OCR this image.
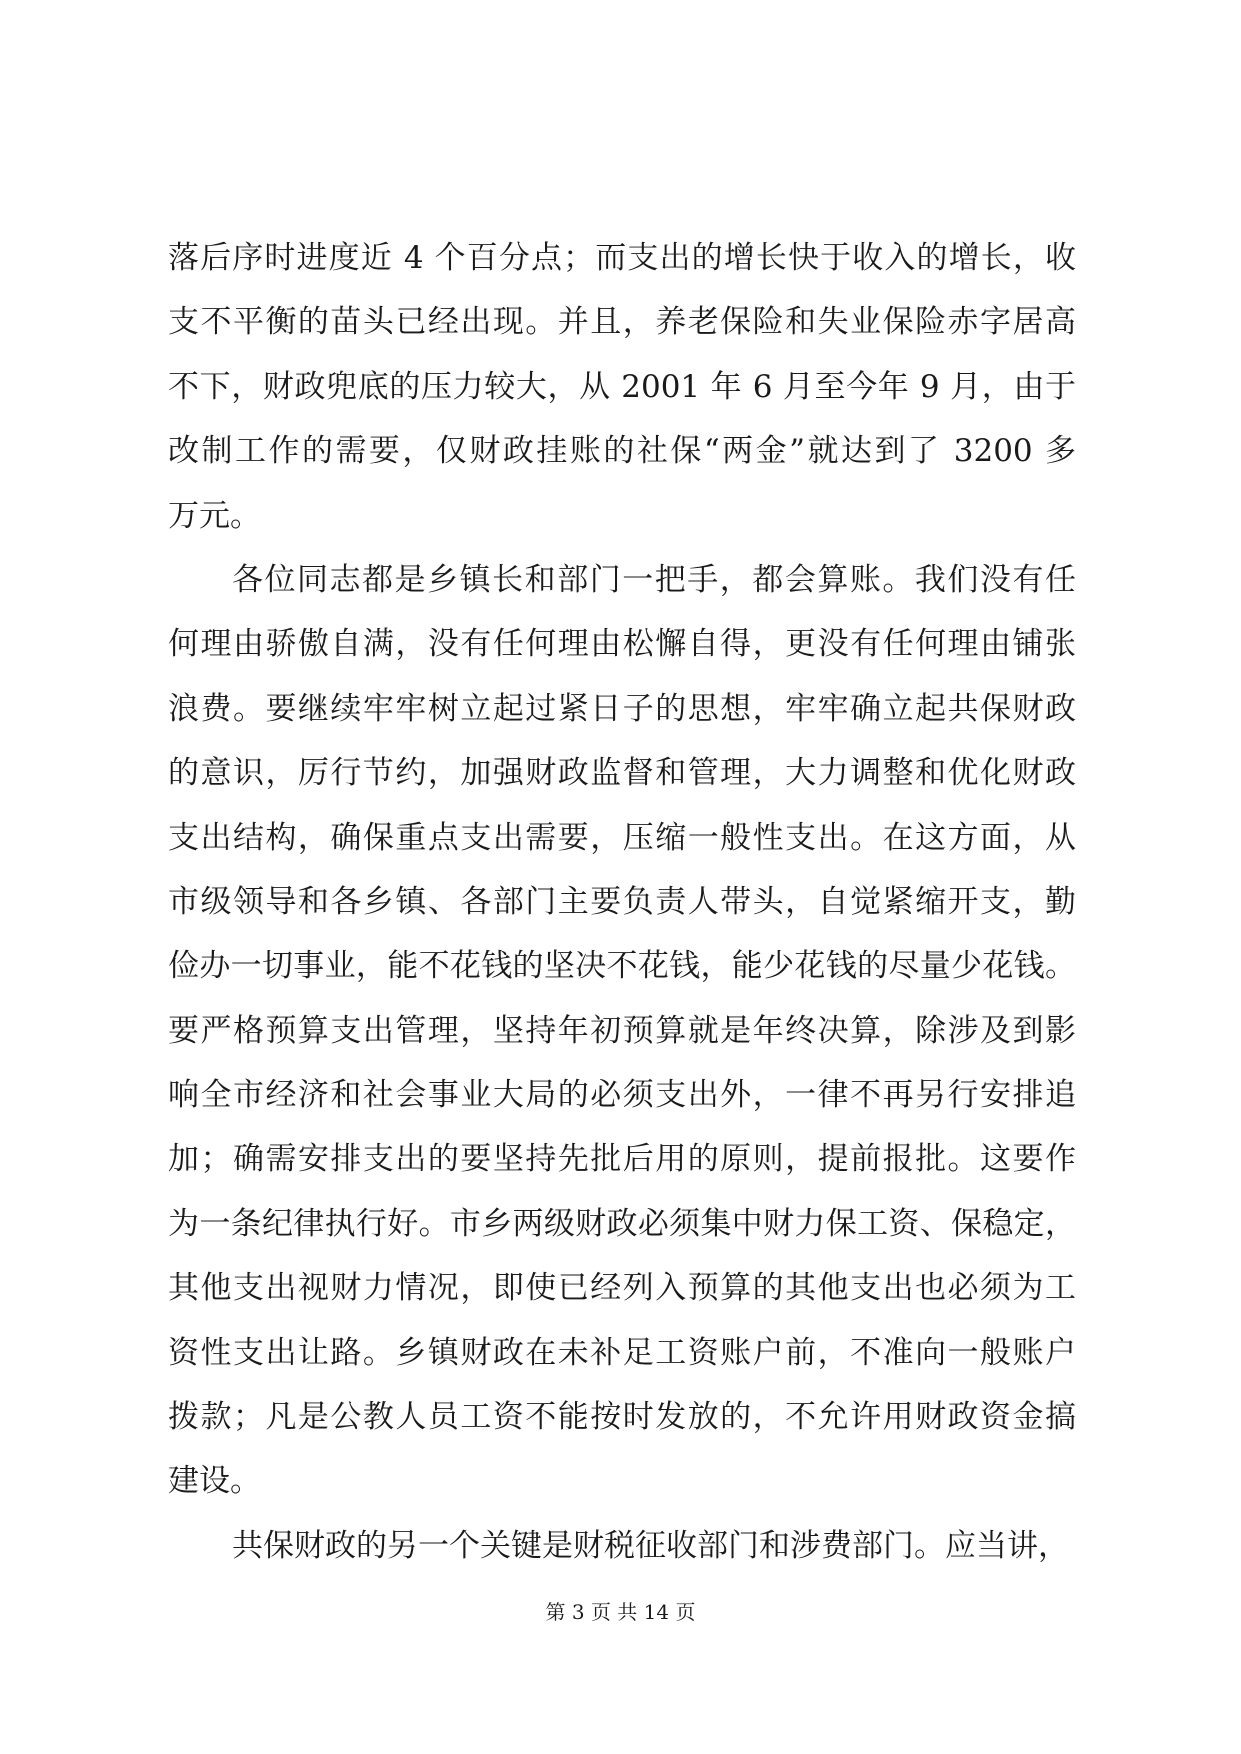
落后序时进度近 4 个百分点；而支出的增长快于收入的增长，收
支不平衡的苗头已经出现。并且，养老保险和失业保险赤字居高
不下，财政兜底的压力较大，从 2001 年 6 月至今年 9 月，由于
改制工作的需要，仅财政挂账的社保“两金”就达到了 3200 多
万元。
各位同志都是乡镇长和部门一把手，都会算账。我们没有任
何理由骄傲自满，没有任何理由松懈自得，更没有任何理由铺张
浪费。要继续牢牢树立起过紧日子的思想，牢牢确立起共保财政
的意识，厉行节约，加强财政监督和管理，大力调整和优化财政
支出结构，确保重点支出需要，压缩一般性支出。在这方面，从
市级领导和各乡镇、各部门主要负责人带头，自觉紧缩开支，勤
俭办一切事业，能不花钱的坚决不花钱，能少花钱的尽量少花钱。
要严格预算支出管理，坚持年初预算就是年终决算，除涉及到影
响全市经济和社会事业大局的必须支出外，一律不再另行安排追
加；确需安排支出的要坚持先批后用的原则，提前报批。这要作
为一条纪律执行好。市乡两级财政必须集中财力保工资、保稳定，
其他支出视财力情况，即使已经列入预算的其他支出也必须为工
资性支出让路。乡镇财政在未补足工资账户前，不准向一般账户
拨款；凡是公教人员工资不能按时发放的，不允许用财政资金搞
建设。
共保财政的另一个关键是财税征收部门和涉费部门。应当讲，
第 3 页 共 14 页
